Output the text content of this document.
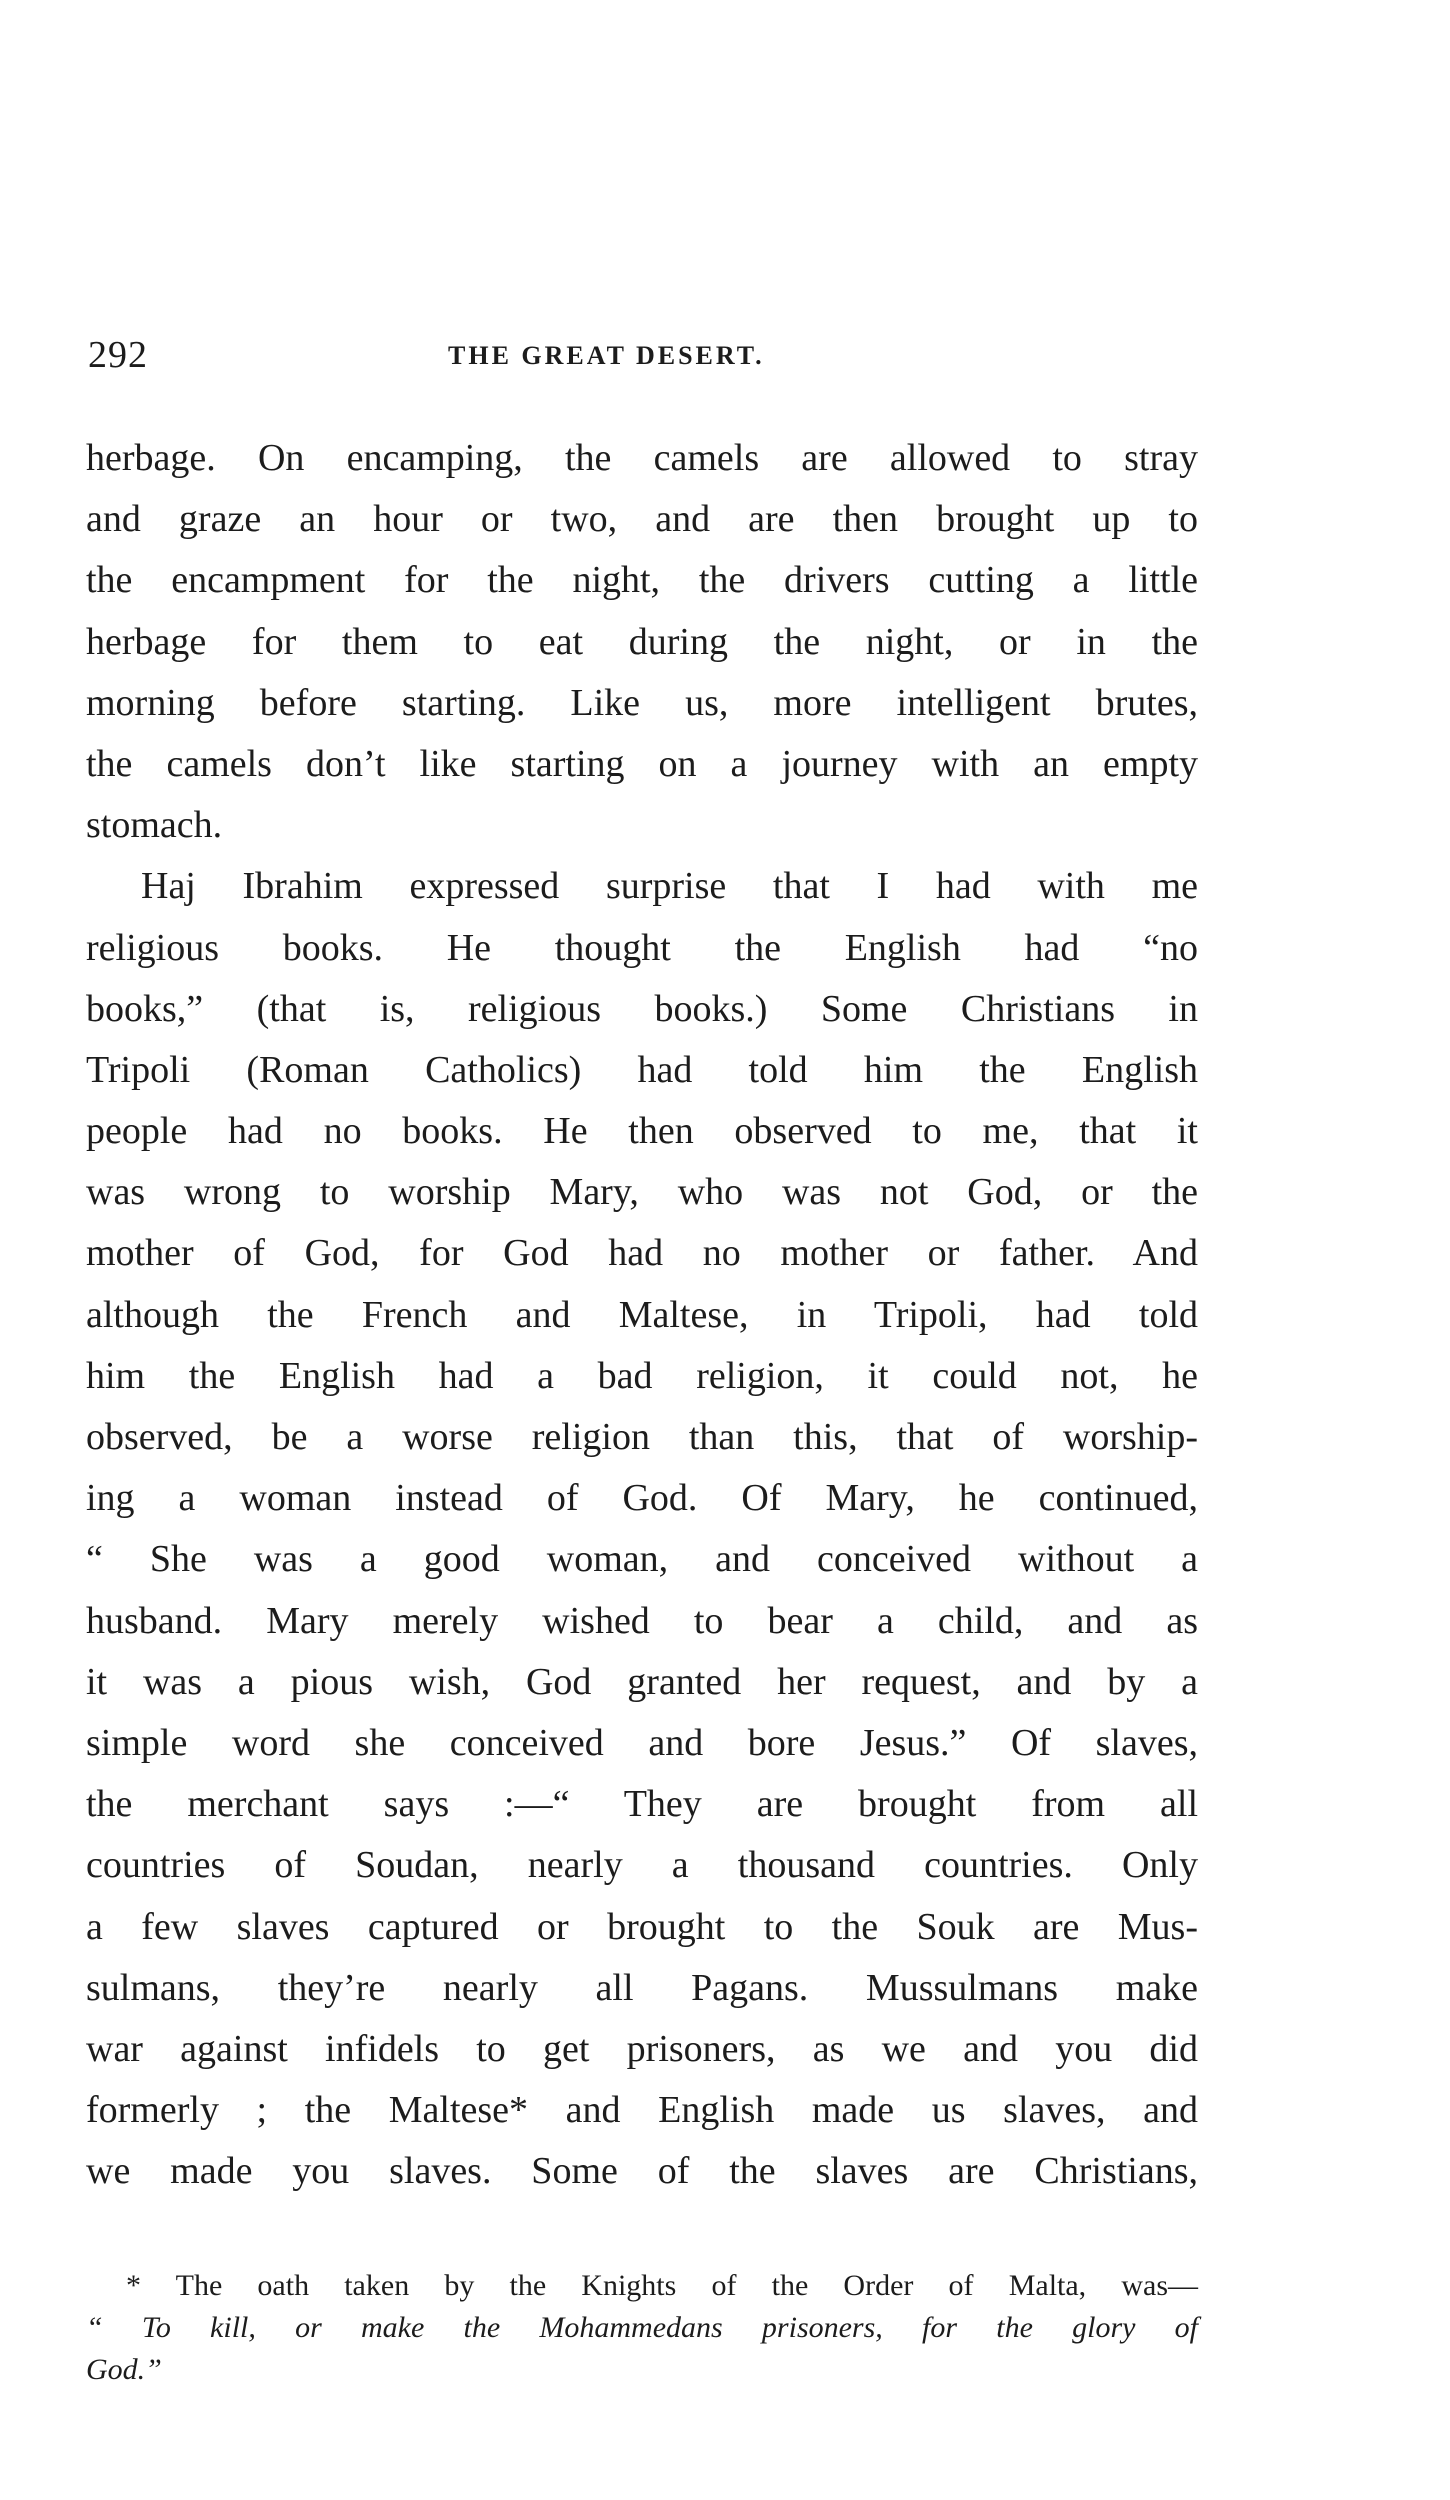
292	THE GREAT DESERT.
herbage. On encamping, the camels are allowed to stray
and graze an hour or two, and are then brought up to
the encampment for the night, the drivers cutting a little
herbage for them to eat during the night, or in the
morning before starting. Like us, more intelligent brutes,
the camels don’t like starting on a journey with an empty
stomach.
Haj Ibrahim expressed surprise that I had with me
religious books. He thought the English had “no
books,” (that is, religious books.) Some Christians in
Tripoli (Roman Catholics) had told him the English
people had no books. He then observed to me, that it
was wrong to worship Mary, who was not God, or the
mother of God, for God had no mother or father. And
although the French and Maltese, in Tripoli, had told
him the English had a bad religion, it could not, he
observed, be a worse religion than this, that of worship-
ing a woman instead of God. Of Mary, he continued,
“ She was a good woman, and conceived without a
husband. Mary merely wished to bear a child, and as
it was a pious wish, God granted her request, and by a
simple word she conceived and bore Jesus.” Of slaves,
the merchant says :—“ They are brought from all
countries of Soudan, nearly a thousand countries. Only
a few slaves captured or brought to the Souk are Mus-
sulmans, they’re nearly all Pagans. Mussulmans make
war against infidels to get prisoners, as we and you did
formerly ; the Maltese* and English made us slaves, and
we made you slaves. Some of the slaves are Christians,
* The oath taken by the Knights of the Order of Malta, was—
“ To kill, or make the Mohammedans prisoners, for the glory of
God.”
